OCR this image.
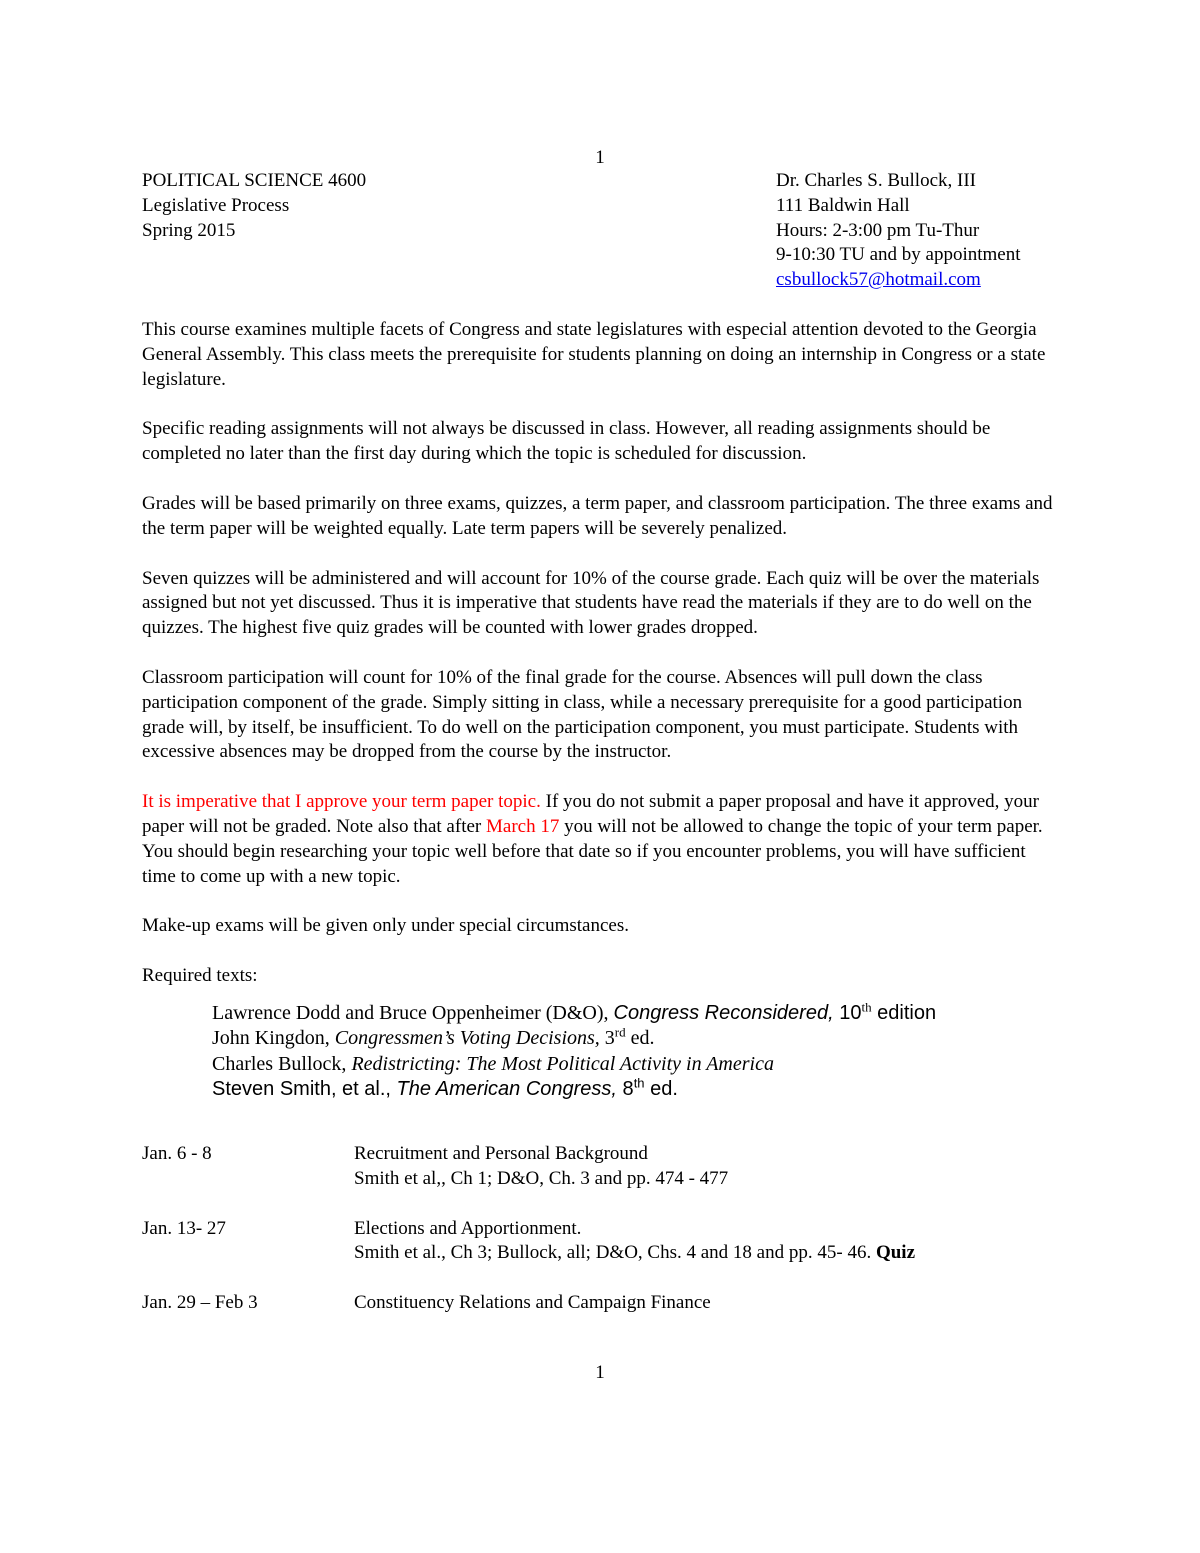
1
POLITICAL SCIENCE 4600
Legislative Process
Spring 2015
Dr. Charles S. Bullock, III
111 Baldwin Hall
Hours: 2-3:00 pm Tu-Thur
9-10:30 TU and by appointment
csbullock57@hotmail.com

This course examines multiple facets of Congress and state legislatures with especial attention devoted to the Georgia General Assembly. This class meets the prerequisite for students planning on doing an internship in Congress or a state legislature.

Specific reading assignments will not always be discussed in class. However, all reading assignments should be completed no later than the first day during which the topic is scheduled for discussion.

Grades will be based primarily on three exams, quizzes, a term paper, and classroom participation. The three exams and the term paper will be weighted equally. Late term papers will be severely penalized.

Seven quizzes will be administered and will account for 10% of the course grade. Each quiz will be over the materials assigned but not yet discussed. Thus it is imperative that students have read the materials if they are to do well on the quizzes. The highest five quiz grades will be counted with lower grades dropped.

Classroom participation will count for 10% of the final grade for the course. Absences will pull down the class participation component of the grade. Simply sitting in class, while a necessary prerequisite for a good participation grade will, by itself, be insufficient. To do well on the participation component, you must participate. Students with excessive absences may be dropped from the course by the instructor.

It is imperative that I approve your term paper topic. If you do not submit a paper proposal and have it approved, your paper will not be graded. Note also that after March 17 you will not be allowed to change the topic of your term paper. You should begin researching your topic well before that date so if you encounter problems, you will have sufficient time to come up with a new topic.

Make-up exams will be given only under special circumstances.

Required texts:

Lawrence Dodd and Bruce Oppenheimer (D&O), Congress Reconsidered, 10th edition
John Kingdon, Congressmen’s Voting Decisions, 3rd ed.
Charles Bullock, Redistricting: The Most Political Activity in America
Steven Smith, et al., The American Congress, 8th ed.
Jan. 6 - 8	Recruitment and Personal Background
Smith et al,, Ch 1; D&O, Ch. 3 and pp. 474 - 477
Jan. 13- 27	Elections and Apportionment.
Smith et al., Ch 3; Bullock, all; D&O, Chs. 4 and 18 and pp. 45- 46. Quiz
Jan. 29 – Feb 3	Constituency Relations and Campaign Finance
1
